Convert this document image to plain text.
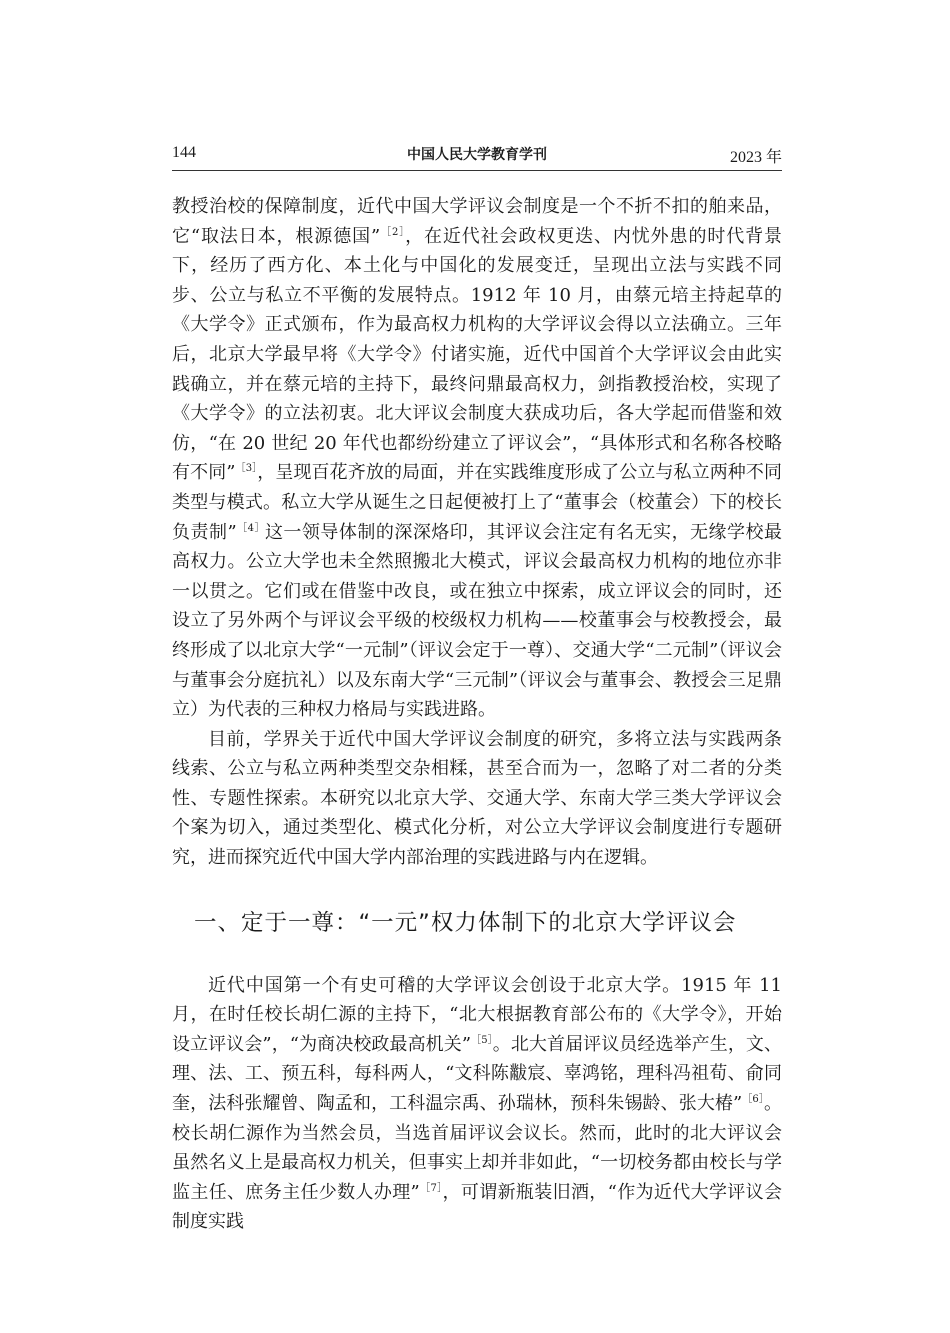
144	中国人民大学教育学刊	2023 年

教授治校的保障制度，近代中国大学评议会制度是一个不折不扣的舶来品，它“取法日本，根源德国”$^{[2]}$，在近代社会政权更迭、内忧外患的时代背景下，经历了西方化、本土化与中国化的发展变迁，呈现出立法与实践不同步、公立与私立不平衡的发展特点。1912 年 10 月，由蔡元培主持起草的《大学令》正式颁布，作为最高权力机构的大学评议会得以立法确立。三年后，北京大学最早将《大学令》付诸实施，近代中国首个大学评议会由此实践确立，并在蔡元培的主持下，最终问鼎最高权力，剑指教授治校，实现了《大学令》的立法初衷。北大评议会制度大获成功后，各大学起而借鉴和效仿，“在 20 世纪 20 年代也都纷纷建立了评议会”，“具体形式和名称各校略有不同”$^{[3]}$，呈现百花齐放的局面，并在实践维度形成了公立与私立两种不同类型与模式。私立大学从诞生之日起便被打上了“董事会（校董会）下的校长负责制”$^{[4]}$这一领导体制的深深烙印，其评议会注定有名无实，无缘学校最高权力。公立大学也未全然照搬北大模式，评议会最高权力机构的地位亦非一以贯之。它们或在借鉴中改良，或在独立中探索，成立评议会的同时，还设立了另外两个与评议会平级的校级权力机构——校董事会与校教授会，最终形成了以北京大学“一元制”（评议会定于一尊）、交通大学“二元制”（评议会与董事会分庭抗礼）以及东南大学“三元制”（评议会与董事会、教授会三足鼎立）为代表的三种权力格局与实践进路。

目前，学界关于近代中国大学评议会制度的研究，多将立法与实践两条线索、公立与私立两种类型交杂相糅，甚至合而为一，忽略了对二者的分类性、专题性探索。本研究以北京大学、交通大学、东南大学三类大学评议会个案为切入，通过类型化、模式化分析，对公立大学评议会制度进行专题研究，进而探究近代中国大学内部治理的实践进路与内在逻辑。

一、定于一尊：“一元”权力体制下的北京大学评议会

近代中国第一个有史可稽的大学评议会创设于北京大学。1915 年 11 月，在时任校长胡仁源的主持下，“北大根据教育部公布的《大学令》，开始设立评议会”，“为商决校政最高机关”$^{[5]}$。北大首届评议员经选举产生，文、理、法、工、预五科，每科两人，“文科陈黻宸、辜鸿铭，理科冯祖荀、俞同奎，法科张耀曾、陶孟和，工科温宗禹、孙瑞林，预科朱锡龄、张大椿”$^{[6]}$。校长胡仁源作为当然会员，当选首届评议会议长。然而，此时的北大评议会虽然名义上是最高权力机关，但事实上却并非如此，“一切校务都由校长与学监主任、庶务主任少数人办理”$^{[7]}$，可谓新瓶装旧酒，“作为近代大学评议会制度实践
